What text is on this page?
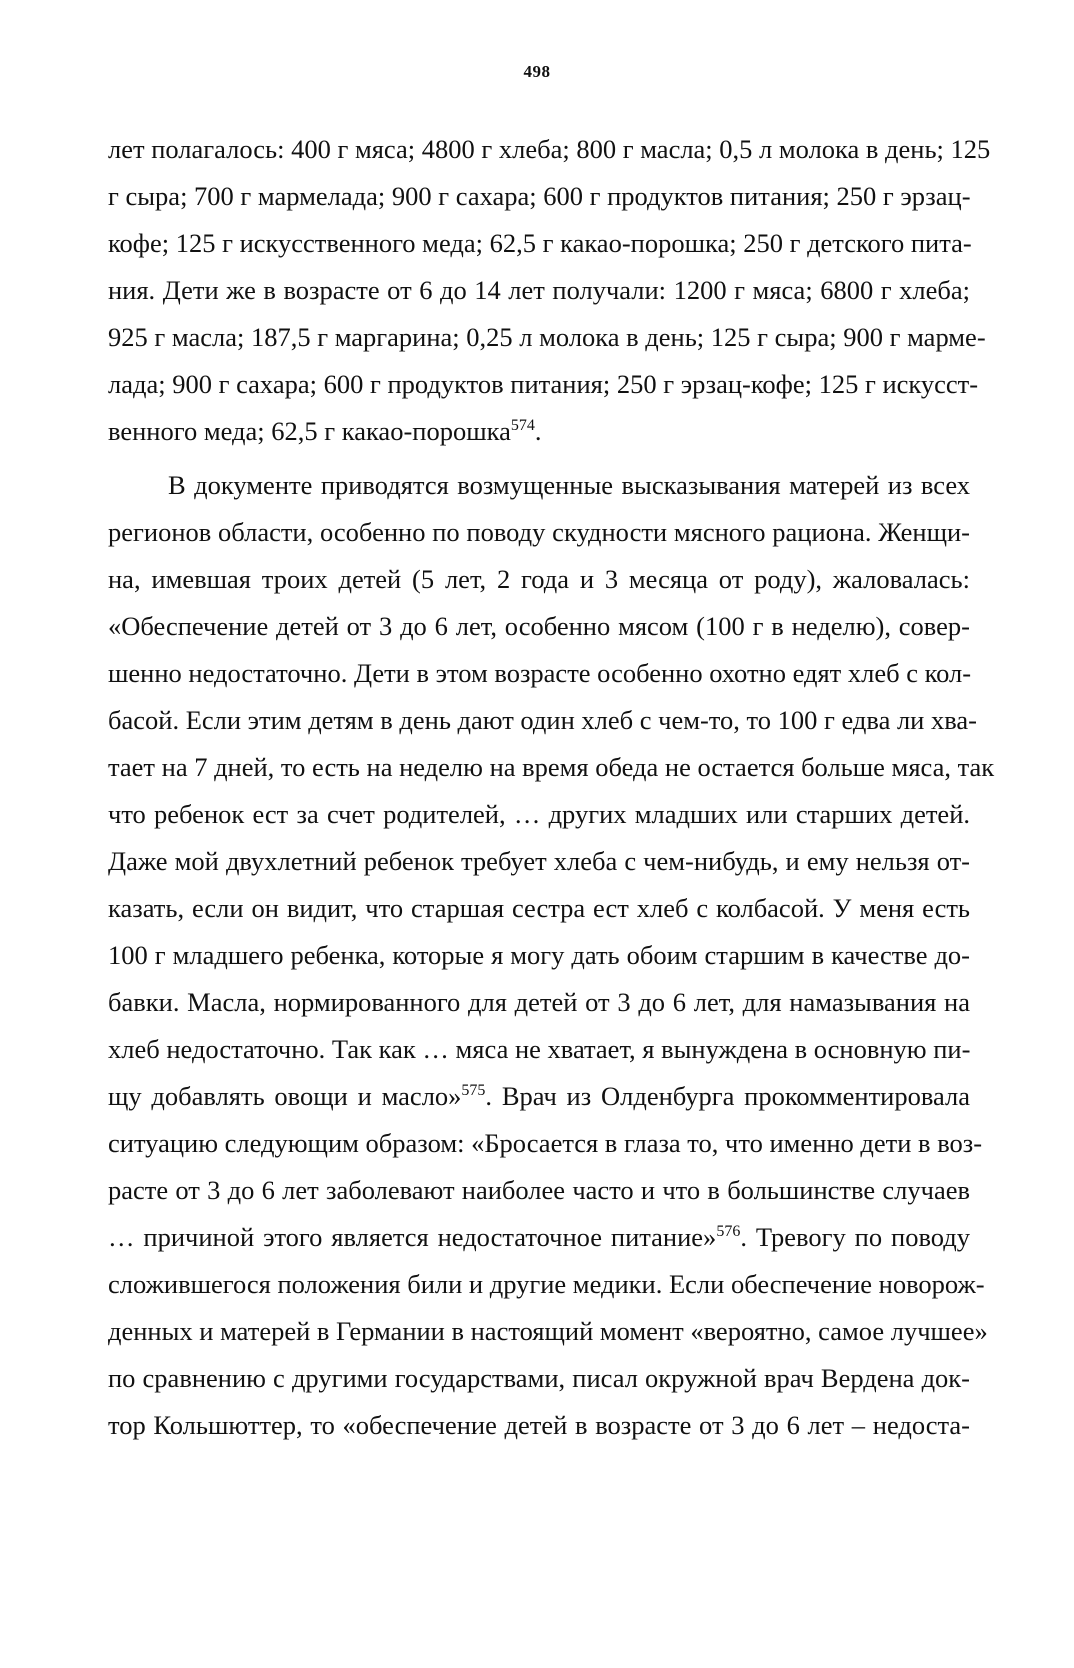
498
лет полагалось: 400 г мяса; 4800 г хлеба; 800 г масла; 0,5 л молока в день; 125
г сыра; 700 г мармелада; 900 г сахара; 600 г продуктов питания; 250 г эрзац-
кофе; 125 г искусственного меда; 62,5 г какао-порошка; 250 г детского пита-
ния. Дети же в возрасте от 6 до 14 лет получали: 1200 г мяса; 6800 г хлеба;
925 г масла; 187,5 г маргарина; 0,25 л молока в день; 125 г сыра; 900 г марме-
лада; 900 г сахара; 600 г продуктов питания; 250 г эрзац-кофе; 125 г искусст-
венного меда; 62,5 г какао-порошка$^{574}$.
В документе приводятся возмущенные высказывания матерей из всех
регионов области, особенно по поводу скудности мясного рациона. Женщи-
на, имевшая троих детей (5 лет, 2 года и 3 месяца от роду), жаловалась:
«Обеспечение детей от 3 до 6 лет, особенно мясом (100 г в неделю), совер-
шенно недостаточно. Дети в этом возрасте особенно охотно едят хлеб с кол-
басой. Если этим детям в день дают один хлеб с чем-то, то 100 г едва ли хва-
тает на 7 дней, то есть на неделю на время обеда не остается больше мяса, так
что ребенок ест за счет родителей, … других младших или старших детей.
Даже мой двухлетний ребенок требует хлеба с чем-нибудь, и ему нельзя от-
казать, если он видит, что старшая сестра ест хлеб с колбасой. У меня есть
100 г младшего ребенка, которые я могу дать обоим старшим в качестве до-
бавки. Масла, нормированного для детей от 3 до 6 лет, для намазывания на
хлеб недостаточно. Так как … мяса не хватает, я вынуждена в основную пи-
щу добавлять овощи и масло»$^{575}$. Врач из Олденбурга прокомментировала
ситуацию следующим образом: «Бросается в глаза то, что именно дети в воз-
расте от 3 до 6 лет заболевают наиболее часто и что в большинстве случаев
… причиной этого является недостаточное питание»$^{576}$. Тревогу по поводу
сложившегося положения били и другие медики. Если обеспечение новорож-
денных и матерей в Германии в настоящий момент «вероятно, самое лучшее»
по сравнению с другими государствами, писал окружной врач Вердена док-
тор Кольшюттер, то «обеспечение детей в возрасте от 3 до 6 лет – недоста-
